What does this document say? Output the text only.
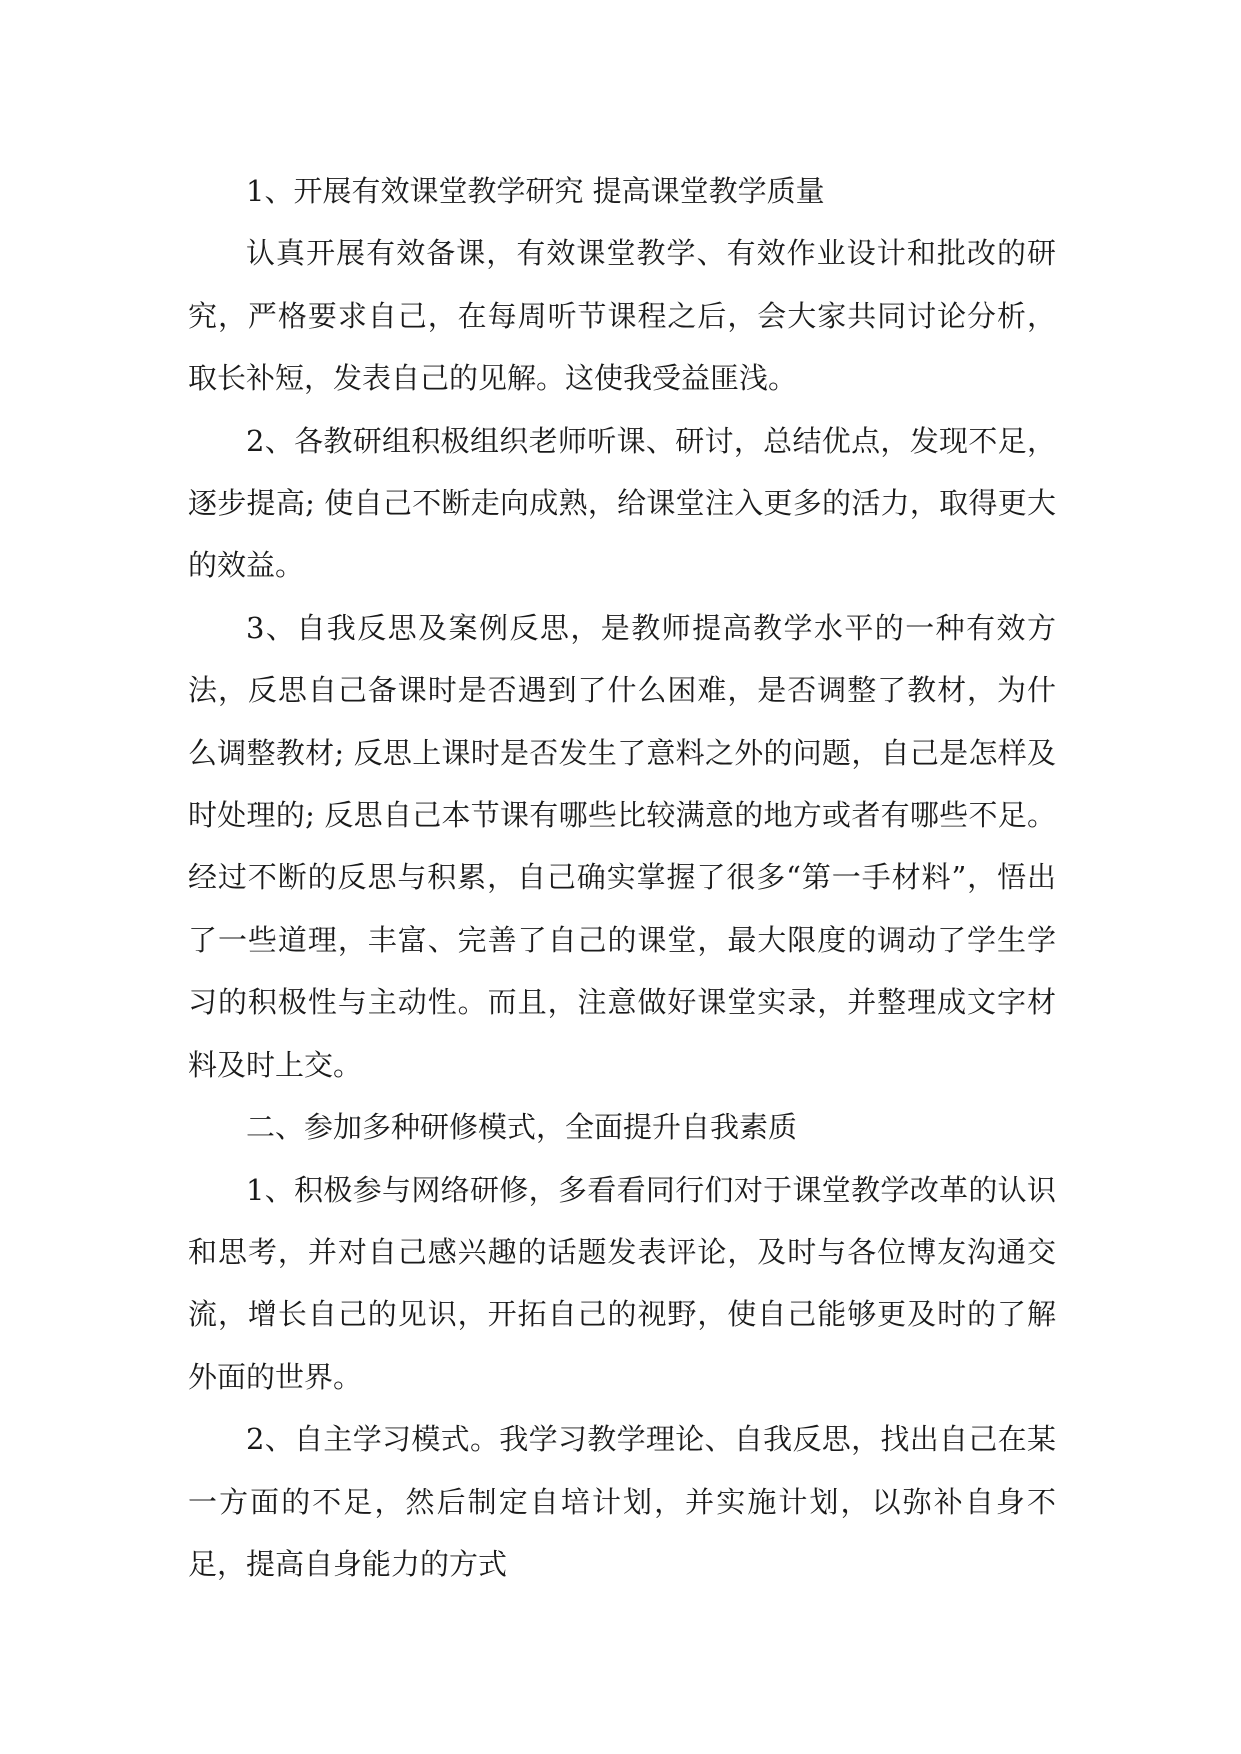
1、开展有效课堂教学研究 提高课堂教学质量

认真开展有效备课，有效课堂教学、有效作业设计和批改的研究，严格要求自己，在每周听节课程之后，会大家共同讨论分析，取长补短，发表自己的见解。这使我受益匪浅。

2、各教研组积极组织老师听课、研讨，总结优点，发现不足，逐步提高; 使自己不断走向成熟，给课堂注入更多的活力，取得更大的效益。

3、自我反思及案例反思，是教师提高教学水平的一种有效方法，反思自己备课时是否遇到了什么困难，是否调整了教材，为什么调整教材; 反思上课时是否发生了意料之外的问题，自己是怎样及时处理的; 反思自己本节课有哪些比较满意的地方或者有哪些不足。经过不断的反思与积累，自己确实掌握了很多“第一手材料”，悟出了一些道理，丰富、完善了自己的课堂，最大限度的调动了学生学习的积极性与主动性。而且，注意做好课堂实录，并整理成文字材料及时上交。

二、参加多种研修模式，全面提升自我素质

1、积极参与网络研修，多看看同行们对于课堂教学改革的认识和思考，并对自己感兴趣的话题发表评论，及时与各位博友沟通交流，增长自己的见识，开拓自己的视野，使自己能够更及时的了解外面的世界。

2、自主学习模式。我学习教学理论、自我反思，找出自己在某一方面的不足，然后制定自培计划，并实施计划，以弥补自身不足，提高自身能力的方式
